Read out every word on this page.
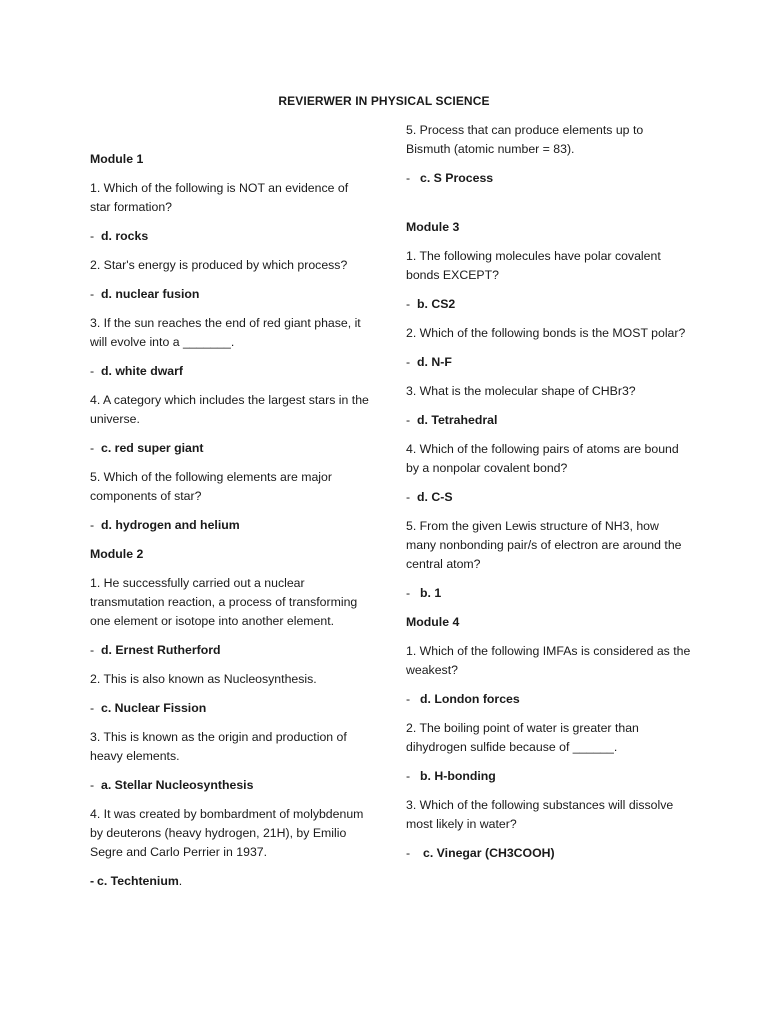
REVIERWER IN PHYSICAL SCIENCE
Module 1
1. Which of the following is NOT an evidence of star formation?
- d. rocks
2. Star's energy is produced by which process?
- d. nuclear fusion
3. If the sun reaches the end of red giant phase, it will evolve into a _______.
- d. white dwarf
4. A category which includes the largest stars in the universe.
- c. red super giant
5. Which of the following elements are major components of star?
- d. hydrogen and helium
Module 2
1. He successfully carried out a nuclear transmutation reaction, a process of transforming one element or isotope into another element.
- d. Ernest Rutherford
2. This is also known as Nucleosynthesis.
- c. Nuclear Fission
3. This is known as the origin and production of heavy elements.
- a. Stellar Nucleosynthesis
4. It was created by bombardment of molybdenum by deuterons (heavy hydrogen, 21H), by Emilio Segre and Carlo Perrier in 1937.
- c. Techtenium.
5. Process that can produce elements up to Bismuth (atomic number = 83).
- c. S Process
Module 3
1. The following molecules have polar covalent bonds EXCEPT?
- b. CS2
2. Which of the following bonds is the MOST polar?
- d. N-F
3. What is the molecular shape of CHBr3?
- d. Tetrahedral
4. Which of the following pairs of atoms are bound by a nonpolar covalent bond?
- d. C-S
5. From the given Lewis structure of NH3, how many nonbonding pair/s of electron are around the central atom?
- b. 1
Module 4
1. Which of the following IMFAs is considered as the weakest?
- d. London forces
2. The boiling point of water is greater than dihydrogen sulfide because of ______.
- b. H-bonding
3. Which of the following substances will dissolve most likely in water?
- c. Vinegar (CH3COOH)
